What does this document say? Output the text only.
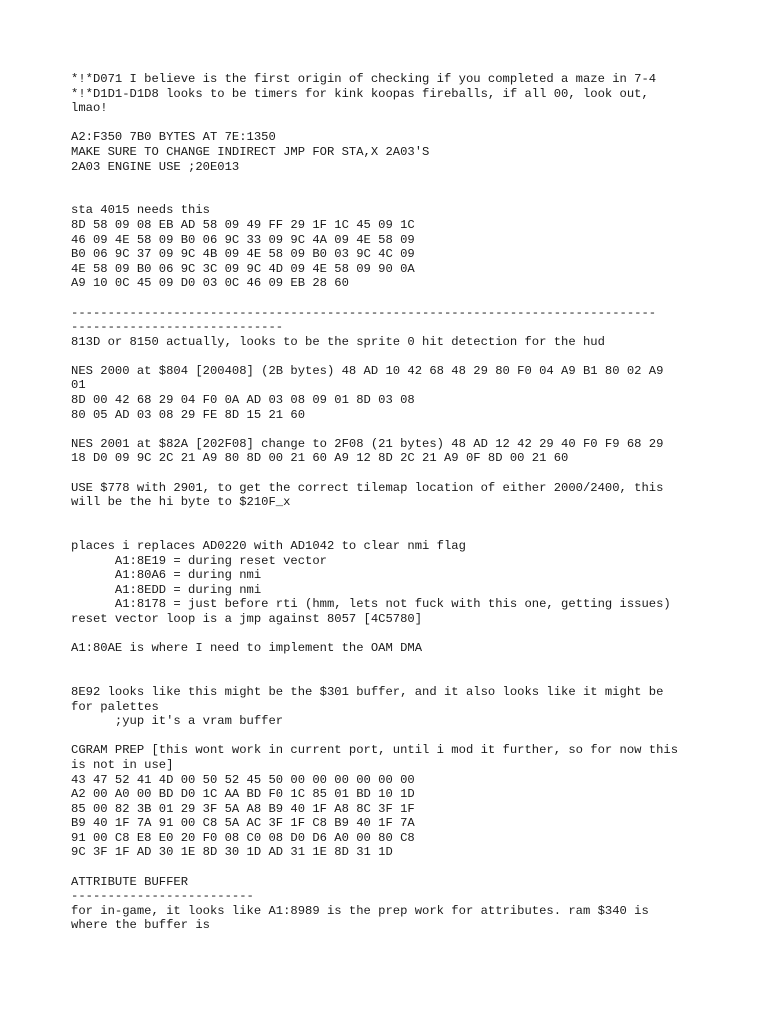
*!*D071 I believe is the first origin of checking if you completed a maze in 7-4
*!*D1D1-D1D8 looks to be timers for kink koopas fireballs, if all 00, look out,
lmao!
A2:F350 7B0 BYTES AT 7E:1350
MAKE SURE TO CHANGE INDIRECT JMP FOR STA,X 2A03'S
2A03 ENGINE USE ;20E013
sta 4015 needs this
8D 58 09 08 EB AD 58 09 49 FF 29 1F 1C 45 09 1C
46 09 4E 58 09 B0 06 9C 33 09 9C 4A 09 4E 58 09
B0 06 9C 37 09 9C 4B 09 4E 58 09 B0 03 9C 4C 09
4E 58 09 B0 06 9C 3C 09 9C 4D 09 4E 58 09 90 0A
A9 10 0C 45 09 D0 03 0C 46 09 EB 28 60
--------------------------------------------------------------------------------
-----------------------------
813D or 8150 actually, looks to be the sprite 0 hit detection for the hud
NES 2000 at $804 [200408] (2B bytes) 48 AD 10 42 68 48 29 80 F0 04 A9 B1 80 02 A9
01
8D 00 42 68 29 04 F0 0A AD 03 08 09 01 8D 03 08
80 05 AD 03 08 29 FE 8D 15 21 60
NES 2001 at $82A [202F08] change to 2F08 (21 bytes) 48 AD 12 42 29 40 F0 F9 68 29
18 D0 09 9C 2C 21 A9 80 8D 00 21 60 A9 12 8D 2C 21 A9 0F 8D 00 21 60
USE $778 with 2901, to get the correct tilemap location of either 2000/2400, this
will be the hi byte to $210F_x
places i replaces AD0220 with AD1042 to clear nmi flag
A1:8E19 = during reset vector
A1:80A6 = during nmi
A1:8EDD = during nmi
A1:8178 = just before rti (hmm, lets not fuck with this one, getting issues)
reset vector loop is a jmp against 8057 [4C5780]
A1:80AE is where I need to implement the OAM DMA
8E92 looks like this might be the $301 buffer, and it also looks like it might be
for palettes
;yup it's a vram buffer
CGRAM PREP [this wont work in current port, until i mod it further, so for now this
is not in use]
43 47 52 41 4D 00 50 52 45 50 00 00 00 00 00 00
A2 00 A0 00 BD D0 1C AA BD F0 1C 85 01 BD 10 1D
85 00 82 3B 01 29 3F 5A A8 B9 40 1F A8 8C 3F 1F
B9 40 1F 7A 91 00 C8 5A AC 3F 1F C8 B9 40 1F 7A
91 00 C8 E8 E0 20 F0 08 C0 08 D0 D6 A0 00 80 C8
9C 3F 1F AD 30 1E 8D 30 1D AD 31 1E 8D 31 1D
ATTRIBUTE BUFFER
-------------------------
for in-game, it looks like A1:8989 is the prep work for attributes. ram $340 is
where the buffer is
